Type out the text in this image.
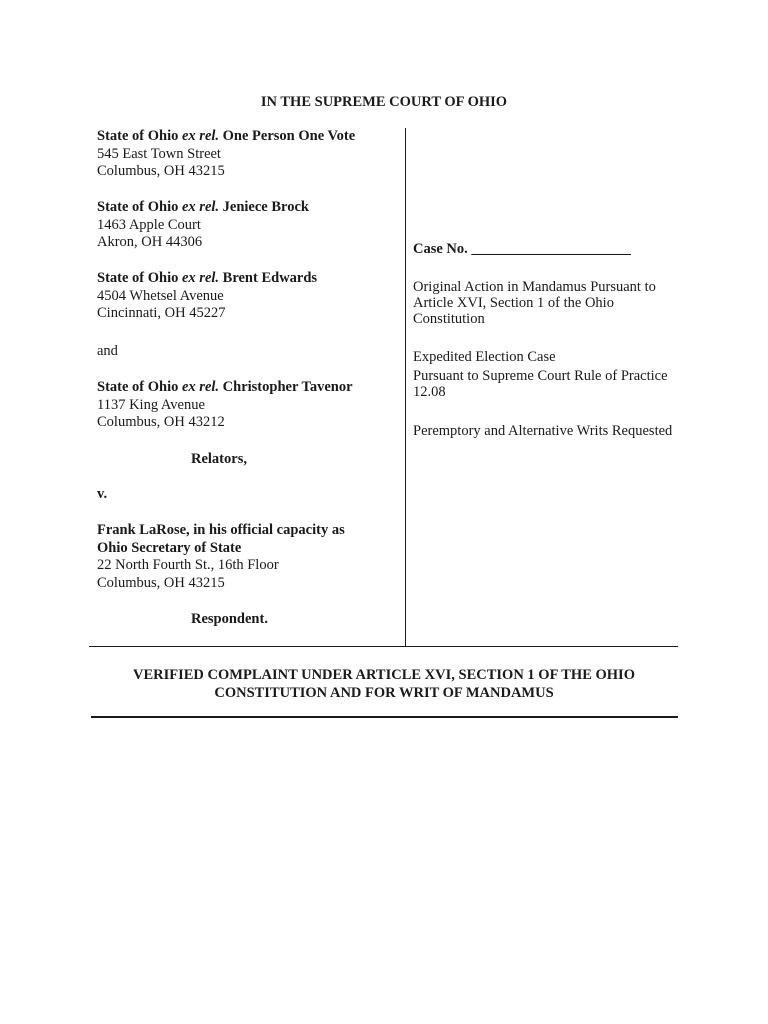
IN THE SUPREME COURT OF OHIO
State of Ohio ex rel. One Person One Vote
545 East Town Street
Columbus, OH 43215
State of Ohio ex rel. Jeniece Brock
1463 Apple Court
Akron, OH 44306
State of Ohio ex rel. Brent Edwards
4504 Whetsel Avenue
Cincinnati, OH 45227
and
State of Ohio ex rel. Christopher Tavenor
1137 King Avenue
Columbus, OH 43212
Relators,
v.
Frank LaRose, in his official capacity as
Ohio Secretary of State
22 North Fourth St., 16th Floor
Columbus, OH 43215
Respondent.
Case No. ______________________
Original Action in Mandamus Pursuant to Article XVI, Section 1 of the Ohio Constitution
Expedited Election Case
Pursuant to Supreme Court Rule of Practice 12.08
Peremptory and Alternative Writs Requested
VERIFIED COMPLAINT UNDER ARTICLE XVI, SECTION 1 OF THE OHIO
CONSTITUTION AND FOR WRIT OF MANDAMUS
